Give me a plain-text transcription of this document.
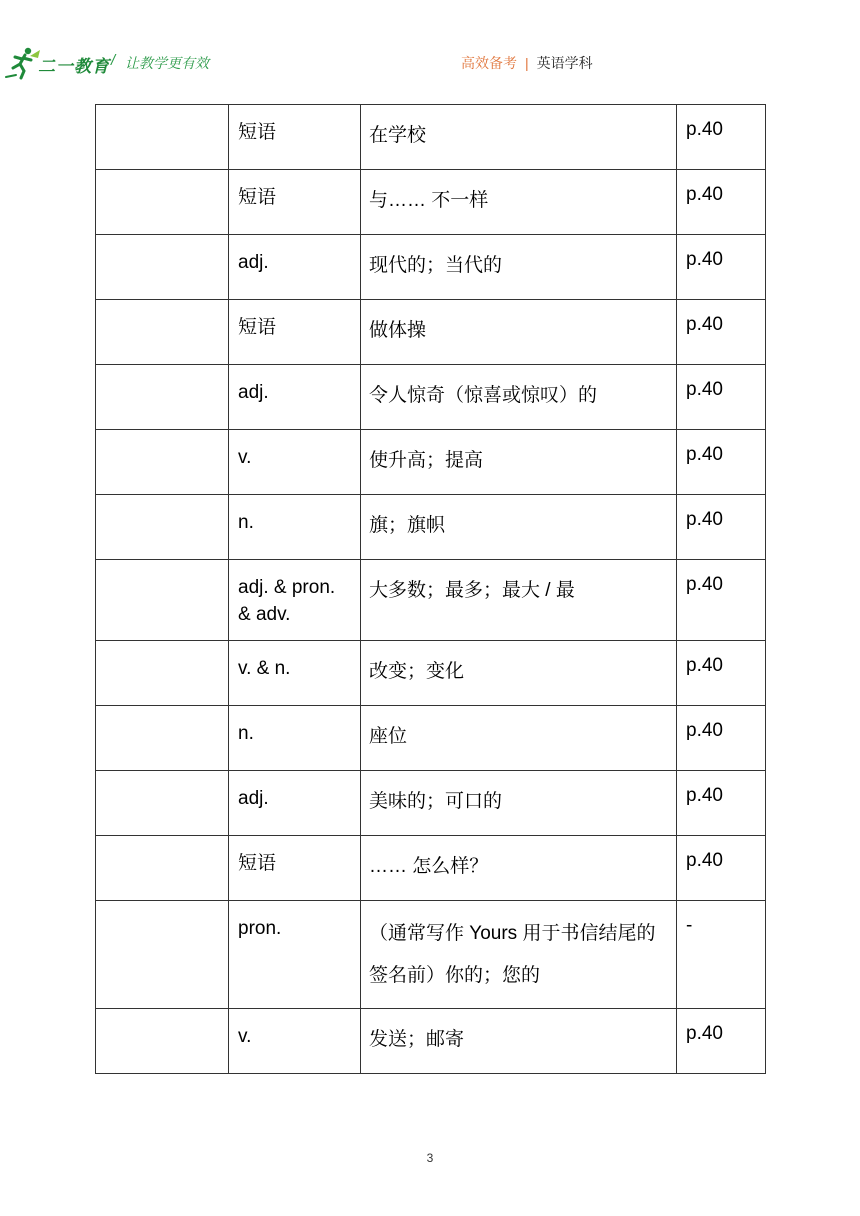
二一教育 / 让教学更有效	高效备考 | 英语学科
	短语	在学校	p.40
	短语	与…… 不一样	p.40
	adj.	现代的；当代的	p.40
	短语	做体操	p.40
	adj.	令人惊奇（惊喜或惊叹）的	p.40
	v.	使升高；提高	p.40
	n.	旗；旗帜	p.40
	adj. & pron. & adv.	大多数；最多；最大 / 最	p.40
	v. & n.	改变；变化	p.40
	n.	座位	p.40
	adj.	美味的；可口的	p.40
	短语	…… 怎么样？	p.40
	pron.	（通常写作 Yours 用于书信结尾的签名前）你的；您的	-
	v.	发送；邮寄	p.40
3
